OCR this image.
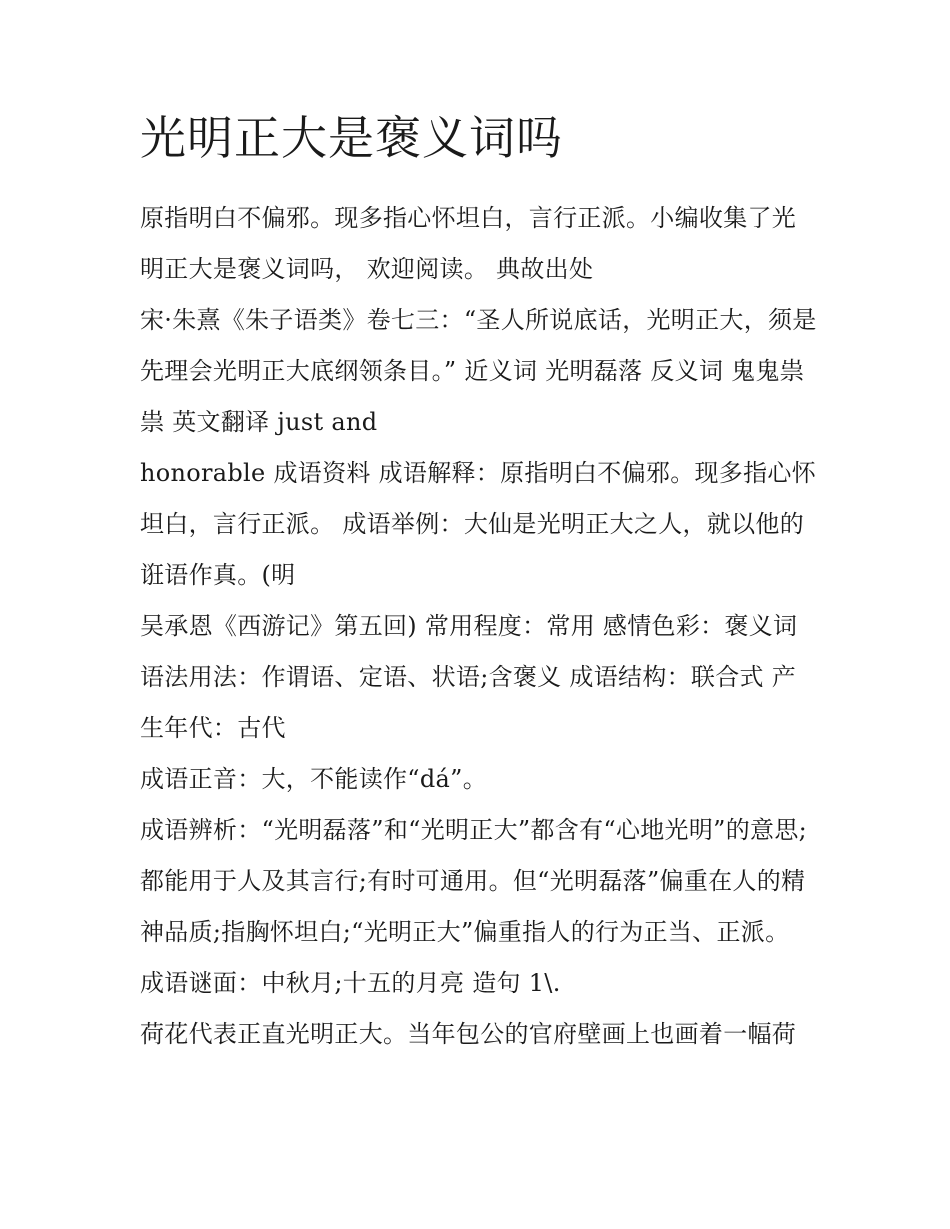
光明正大是褒义词吗

原指明白不偏邪。现多指心怀坦白，言行正派。小编收集了光明正大是褒义词吗， 欢迎阅读。 典故出处

宋·朱熹《朱子语类》卷七三：“圣人所说底话，光明正大，须是先理会光明正大底纲领条目。” 近义词 光明磊落 反义词 鬼鬼祟祟 英文翻译 just and

honorable 成语资料 成语解释：原指明白不偏邪。现多指心怀坦白，言行正派。 成语举例：大仙是光明正大之人，就以他的诳语作真。(明

吴承恩《西游记》第五回) 常用程度：常用 感情色彩：褒义词 语法用法：作谓语、定语、状语;含褒义 成语结构：联合式 产生年代：古代

成语正音：大，不能读作“dá”。

成语辨析：“光明磊落”和“光明正大”都含有“心地光明”的意思;都能用于人及其言行;有时可通用。但“光明磊落”偏重在人的精神品质;指胸怀坦白;“光明正大”偏重指人的行为正当、正派。

成语谜面：中秋月;十五的月亮 造句 1\.

荷花代表正直光明正大。当年包公的官府壁画上也画着一幅荷
